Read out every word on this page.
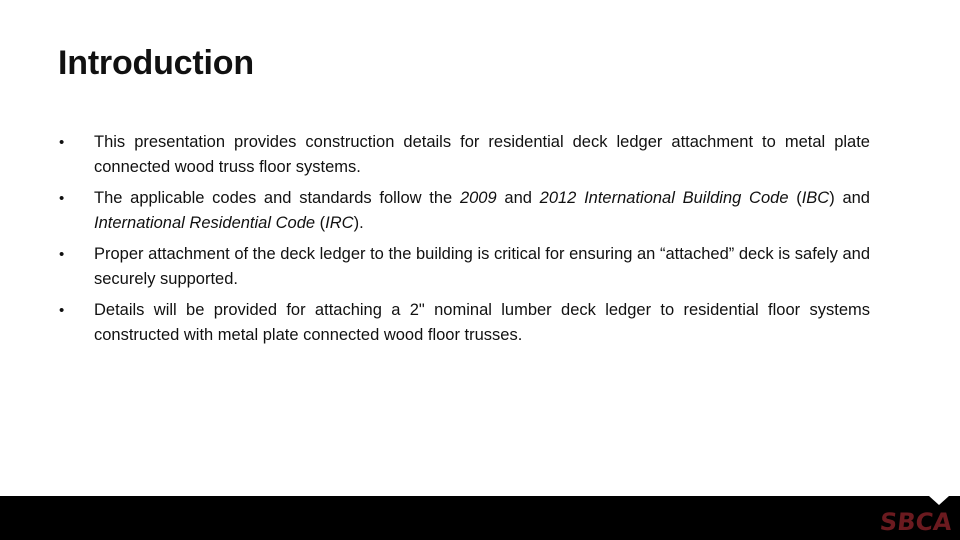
Introduction
• This presentation provides construction details for residential deck ledger attachment to metal plate connected wood truss floor systems.
• The applicable codes and standards follow the 2009 and 2012 International Building Code (IBC) and International Residential Code (IRC).
• Proper attachment of the deck ledger to the building is critical for ensuring an “attached” deck is safely and securely supported.
• Details will be provided for attaching a 2" nominal lumber deck ledger to residential floor systems constructed with metal plate connected wood floor trusses.
SBCA
